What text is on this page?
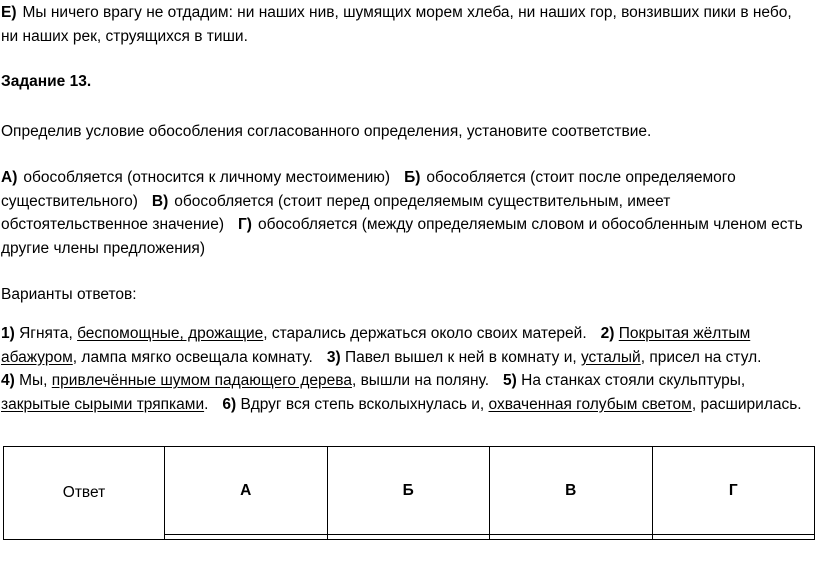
Е) Мы ничего врагу не отдадим: ни наших нив, шумящих морем хлеба, ни наших гор, вонзивших пики в небо, ни наших рек, струящихся в тиши.

Задание 13.

Определив условие обособления согласованного определения, установите соответствие.

А) обособляется (относится к личному местоимению) Б) обособляется (стоит после определяемого существительного) В) обособляется (стоит перед определяемым существительным, имеет обстоятельственное значение) Г) обособляется (между определяемым словом и обособленным членом есть другие члены предложения)

Варианты ответов:

1) Ягнята, беспомощные, дрожащие, старались держаться около своих матерей. 2) Покрытая жёлтым абажуром, лампа мягко освещала комнату. 3) Павел вышел к ней в комнату и, усталый, присел на стул.
4) Мы, привлечённые шумом падающего дерева, вышли на поляну. 5) На станках стояли скульптуры, закрытые сырыми тряпками. 6) Вдруг вся степь всколыхнулась и, охваченная голубым светом, расширилась.

Ответ	А	Б	В	Г
